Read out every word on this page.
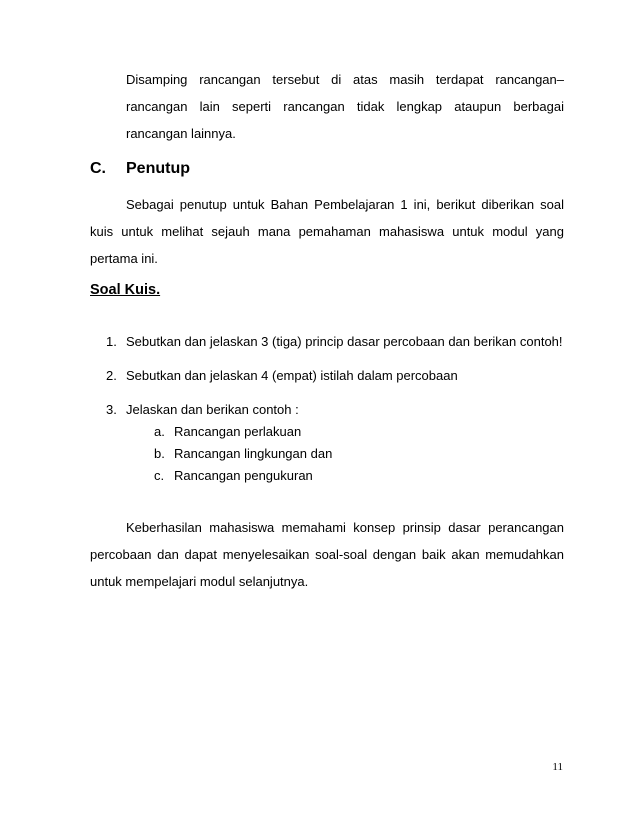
Disamping rancangan tersebut di atas masih terdapat rancangan–rancangan lain seperti rancangan tidak lengkap ataupun berbagai rancangan lainnya.

C. Penutup

Sebagai penutup untuk Bahan Pembelajaran 1 ini, berikut diberikan soal kuis untuk melihat sejauh mana pemahaman mahasiswa untuk modul yang pertama ini.

Soal Kuis.

1. Sebutkan dan jelaskan 3 (tiga) princip dasar percobaan dan berikan contoh!

2. Sebutkan dan jelaskan 4 (empat) istilah dalam percobaan

3. Jelaskan dan berikan contoh :

a. Rancangan perlakuan

b. Rancangan lingkungan dan

c. Rancangan pengukuran

Keberhasilan mahasiswa memahami konsep prinsip dasar perancangan percobaan dan dapat menyelesaikan soal-soal dengan baik akan memudahkan untuk mempelajari modul selanjutnya.

11
